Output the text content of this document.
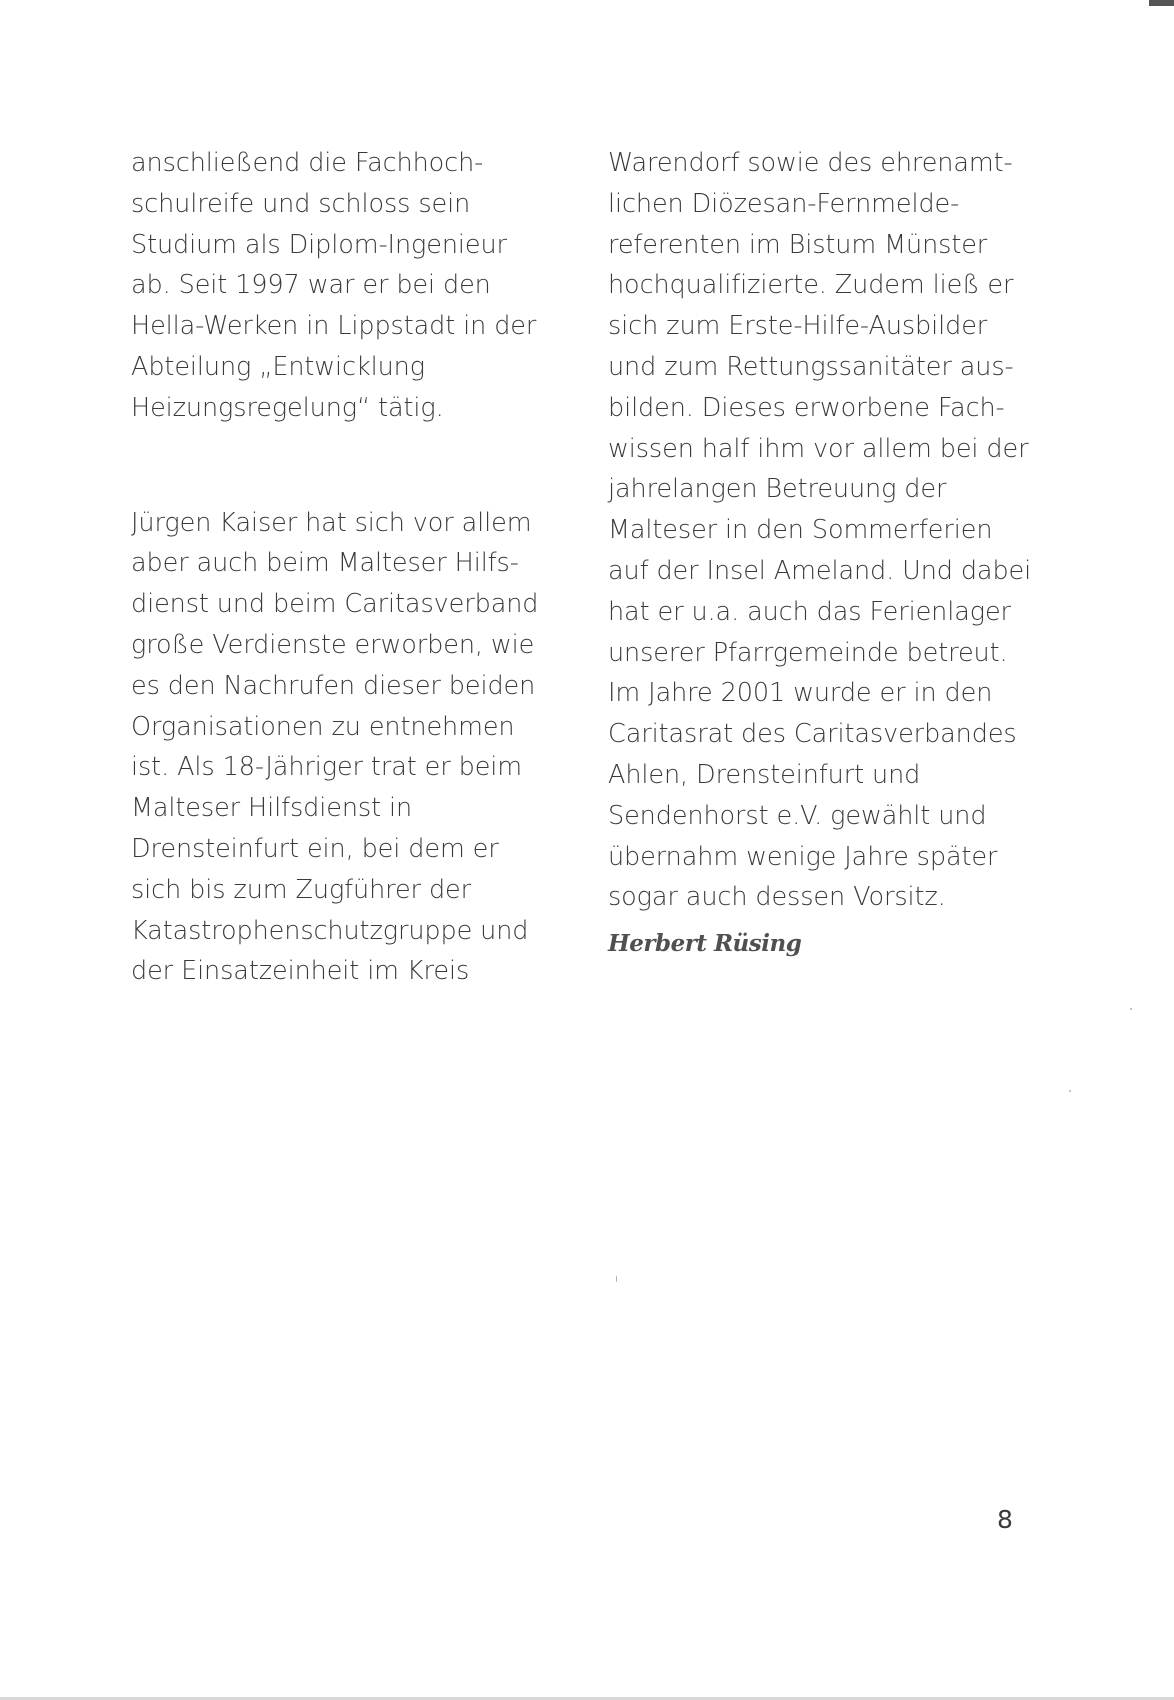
anschließend die Fachhoch-
schulreife und schloss sein
Studium als Diplom-Ingenieur
ab. Seit 1997 war er bei den
Hella-Werken in Lippstadt in der
Abteilung „Entwicklung
Heizungsregelung“ tätig.
Jürgen Kaiser hat sich vor allem
aber auch beim Malteser Hilfs-
dienst und beim Caritasverband
große Verdienste erworben, wie
es den Nachrufen dieser beiden
Organisationen zu entnehmen
ist. Als 18-Jähriger trat er beim
Malteser Hilfsdienst in
Drensteinfurt ein, bei dem er
sich bis zum Zugführer der
Katastrophenschutzgruppe und
der Einsatzeinheit im Kreis
Warendorf sowie des ehrenamt-
lichen Diözesan-Fernmelde-
referenten im Bistum Münster
hochqualifizierte. Zudem ließ er
sich zum Erste-Hilfe-Ausbilder
und zum Rettungssanitäter aus-
bilden. Dieses erworbene Fach-
wissen half ihm vor allem bei der
jahrelangen Betreuung der
Malteser in den Sommerferien
auf der Insel Ameland. Und dabei
hat er u.a. auch das Ferienlager
unserer Pfarrgemeinde betreut.
Im Jahre 2001 wurde er in den
Caritasrat des Caritasverbandes
Ahlen, Drensteinfurt und
Sendenhorst e.V. gewählt und
übernahm wenige Jahre später
sogar auch dessen Vorsitz.
Herbert Rüsing
8
